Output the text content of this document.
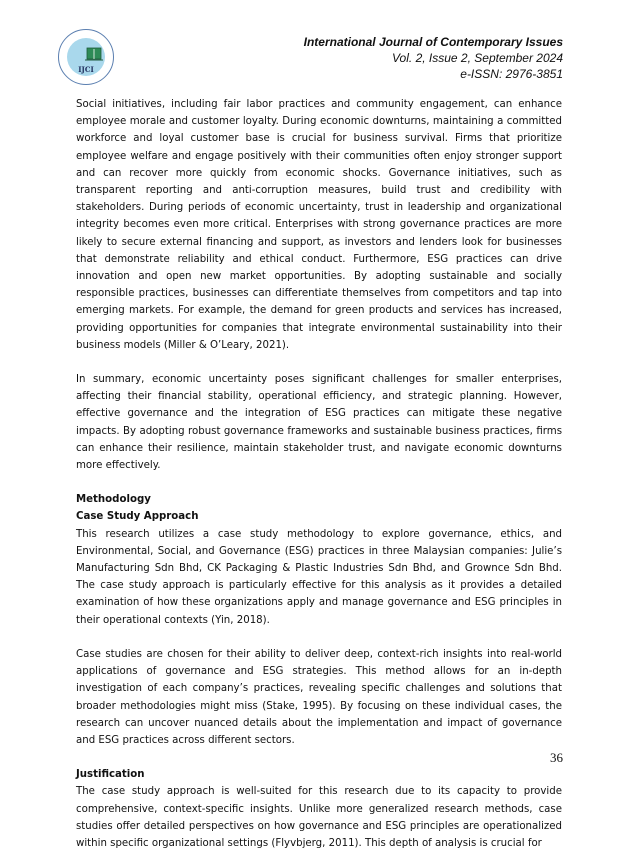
IJCI
International Journal of Contemporary Issues
Vol. 2, Issue 2, September 2024
e-ISSN: 2976-3851

Social initiatives, including fair labor practices and community engagement, can enhance employee morale and customer loyalty. During economic downturns, maintaining a committed workforce and loyal customer base is crucial for business survival. Firms that prioritize employee welfare and engage positively with their communities often enjoy stronger support and can recover more quickly from economic shocks. Governance initiatives, such as transparent reporting and anti-corruption measures, build trust and credibility with stakeholders. During periods of economic uncertainty, trust in leadership and organizational integrity becomes even more critical. Enterprises with strong governance practices are more likely to secure external financing and support, as investors and lenders look for businesses that demonstrate reliability and ethical conduct. Furthermore, ESG practices can drive innovation and open new market opportunities. By adopting sustainable and socially responsible practices, businesses can differentiate themselves from competitors and tap into emerging markets. For example, the demand for green products and services has increased, providing opportunities for companies that integrate environmental sustainability into their business models (Miller & O’Leary, 2021).

In summary, economic uncertainty poses significant challenges for smaller enterprises, affecting their financial stability, operational efficiency, and strategic planning. However, effective governance and the integration of ESG practices can mitigate these negative impacts. By adopting robust governance frameworks and sustainable business practices, firms can enhance their resilience, maintain stakeholder trust, and navigate economic downturns more effectively.

Methodology
Case Study Approach

This research utilizes a case study methodology to explore governance, ethics, and Environmental, Social, and Governance (ESG) practices in three Malaysian companies: Julie’s Manufacturing Sdn Bhd, CK Packaging & Plastic Industries Sdn Bhd, and Grownce Sdn Bhd. The case study approach is particularly effective for this analysis as it provides a detailed examination of how these organizations apply and manage governance and ESG principles in their operational contexts (Yin, 2018).

Case studies are chosen for their ability to deliver deep, context-rich insights into real-world applications of governance and ESG strategies. This method allows for an in-depth investigation of each company’s practices, revealing specific challenges and solutions that broader methodologies might miss (Stake, 1995). By focusing on these individual cases, the research can uncover nuanced details about the implementation and impact of governance and ESG practices across different sectors.

Justification

The case study approach is well-suited for this research due to its capacity to provide comprehensive, context-specific insights. Unlike more generalized research methods, case studies offer detailed perspectives on how governance and ESG principles are operationalized within specific organizational settings (Flyvbjerg, 2011). This depth of analysis is crucial for

36
